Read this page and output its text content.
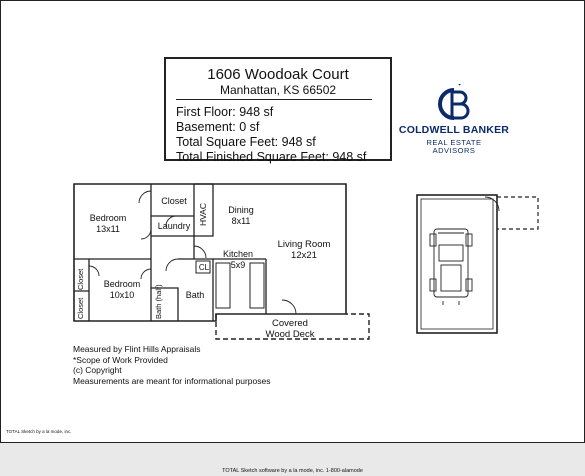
1606 Woodoak Court
Manhattan, KS 66502
First Floor: 948 sf
Basement: 0 sf
Total Square Feet: 948 sf
Total Finished Square Feet: 948 sf
COLDWELL BANKER
REAL ESTATE
ADVISORS
Bedroom
13x11
Closet
Laundry HVAC	Dining
8x11
Kitchen
5x9
CL
Living Room
12x21
Bedroom
10x10	Bath
Bath (half)
Closet
Closet
Covered
Wood Deck
Measured by Flint Hills Appraisals
*Scope of Work Provided
(c) Copyright
Measurements are meant for informational purposes
TOTAL Sketch by a la mode, inc.
TOTAL Sketch software by a la mode, inc. 1-800-alamode
